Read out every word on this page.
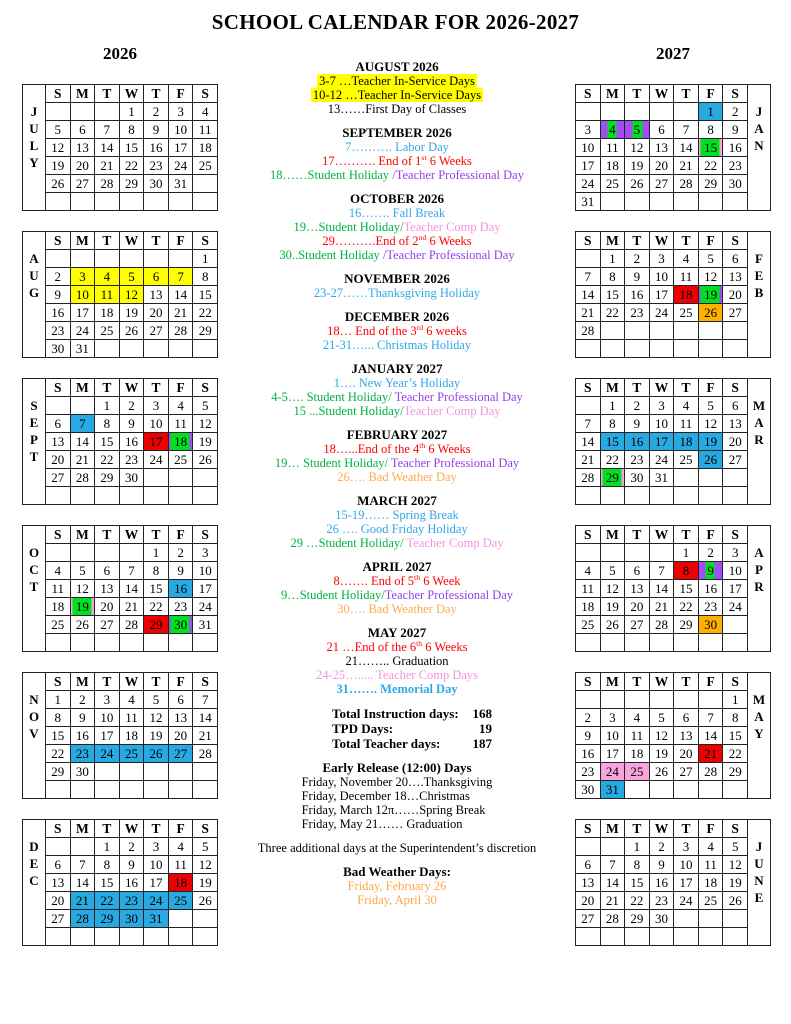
SCHOOL CALENDAR FOR 2026-2027
2026	2027
J
U
L
Y	S	M	T	W	T	F	S
				1	2	3	4
	5	6	7	8	9	10	11
	12	13	14	15	16	17	18
	19	20	21	22	23	24	25
	26	27	28	29	30	31	

A
U
G	S	M	T	W	T	F	S
							1
	2	3	4	5	6	7	8
	9	10	11	12	13	14	15
	16	17	18	19	20	21	22
	23	24	25	26	27	28	29
	30	31					
S
E
P
T	S	M	T	W	T	F	S
			1	2	3	4	5
	6	7	8	9	10	11	12
	13	14	15	16	17	18	19
	20	21	22	23	24	25	26
	27	28	29	30			

O
C
T	S	M	T	W	T	F	S
					1	2	3
	4	5	6	7	8	9	10
	11	12	13	14	15	16	17
	18	19	20	21	22	23	24
	25	26	27	28	29	30	31

N
O
V	S	M	T	W	T	F	S
	1	2	3	4	5	6	7
	8	9	10	11	12	13	14
	15	16	17	18	19	20	21
	22	23	24	25	26	27	28
	29	30					

D
E
C	S	M	T	W	T	F	S
			1	2	3	4	5
	6	7	8	9	10	11	12
	13	14	15	16	17	18	19
	20	21	22	23	24	25	26
	27	28	29	30	31		

AUGUST 2026
3-7 …Teacher In-Service Days
10-12 …Teacher In-Service Days
13……First Day of Classes
SEPTEMBER 2026
7………. Labor Day
17………. End of 1st 6 Weeks
18……Student Holiday /Teacher Professional Day
OCTOBER 2026
16……. Fall Break
19…Student Holiday/Teacher Comp Day
29……….End of 2nd 6 Weeks
30..Student Holiday /Teacher Professional Day
NOVEMBER 2026
23-27……Thanksgiving Holiday
DECEMBER 2026
18… End of the 3rd 6 weeks
21-31…... Christmas Holiday
JANUARY 2027
1…. New Year’s Holiday
4-5…. Student Holiday/ Teacher Professional Day
15 ...Student Holiday/Teacher Comp Day
FEBRUARY 2027
18…...End of the 4th 6 Weeks
19… Student Holiday/ Teacher Professional Day
26…. Bad Weather Day
MARCH 2027
15-19…… Spring Break
26 …. Good Friday Holiday
29 …Student Holiday/ Teacher Comp Day
APRIL 2027
8……. End of 5th 6 Week
9…Student Holiday/Teacher Professional Day
30…. Bad Weather Day
MAY 2027
21 …End of the 6th 6 Weeks
21…….. Graduation
24-25…..... Teacher Comp Days
31……. Memorial Day
Total Instruction days: 168
TPD Days:	19
Total Teacher days: 187
Early Release (12:00) Days
Friday, November 20….Thanksgiving
Friday, December 18…Christmas
Friday, March 12π……Spring Break
Friday, May 21…… Graduation
Three additional days at the Superintendent’s discretion
Bad Weather Days:
Friday, February 26
Friday, April 30
S	M	T	W	T	F	S	J
A
N

					1	2	
3	4	5	6	7	8	9	
10	11	12	13	14	15	16	
17	18	19	20	21	22	23	
24	25	26	27	28	29	30	
31							
S	M	T	W	T	F	S	F
E
B

	1	2	3	4	5	6	
7	8	9	10	11	12	13	
14	15	16	17	18	19	20	
21	22	23	24	25	26	27	
28							

S	M	T	W	T	F	S	M
A
R

	1	2	3	4	5	6	
7	8	9	10	11	12	13	
14	15	16	17	18	19	20	
21	22	23	24	25	26	27	
28	29	30	31				

S	M	T	W	T	F	S	A
P
R

				1	2	3	
4	5	6	7	8	9	10	
11	12	13	14	15	16	17	
18	19	20	21	22	23	24	
25	26	27	28	29	30		

S	M	T	W	T	F	S	M
A
Y

						1	
2	3	4	5	6	7	8	
9	10	11	12	13	14	15	
16	17	18	19	20	21	22	
23	24	25	26	27	28	29	
30	31						
S	M	T	W	T	F	S	J
U
N
E

		1	2	3	4	5	
6	7	8	9	10	11	12	
13	14	15	16	17	18	19	
20	21	22	23	24	25	26	
27	28	29	30				
